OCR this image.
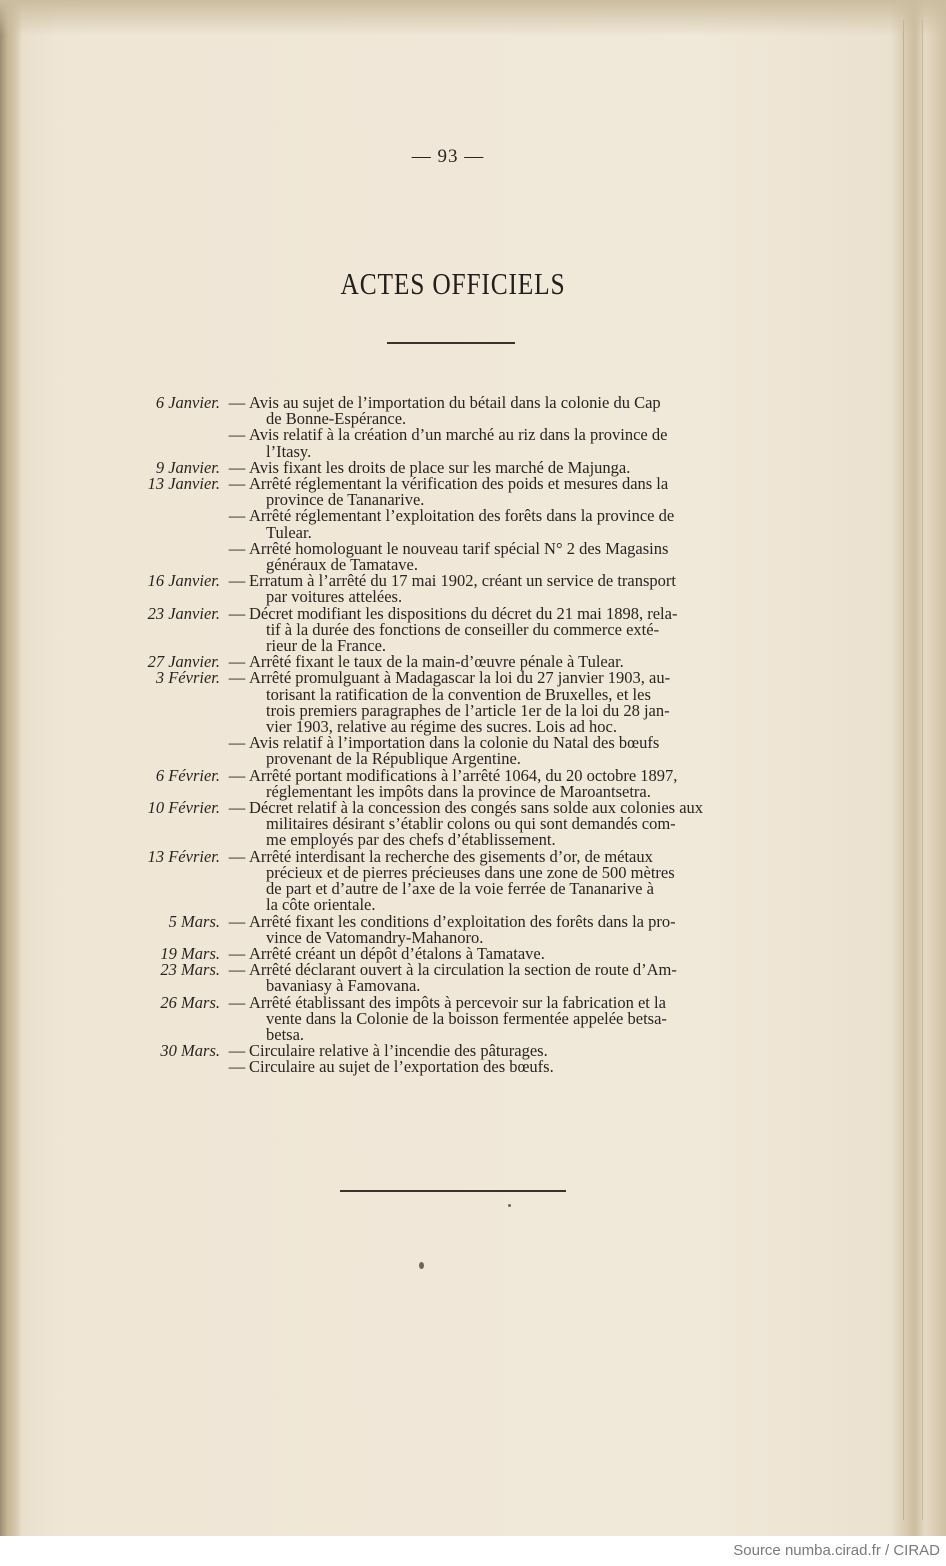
— 93 —
ACTES OFFICIELS
6 Janvier. — Avis au sujet de l’importation du bétail dans la colonie du Cap
de Bonne-Espérance.
— Avis relatif à la création d’un marché au riz dans la province de
l’Itasy.
9 Janvier. — Avis fixant les droits de place sur les marché de Majunga.
13 Janvier. — Arrêté réglementant la vérification des poids et mesures dans la
province de Tananarive.
— Arrêté réglementant l’exploitation des forêts dans la province de
Tulear.
— Arrêté homologuant le nouveau tarif spécial N° 2 des Magasins
généraux de Tamatave.
16 Janvier. — Erratum à l’arrêté du 17 mai 1902, créant un service de transport
par voitures attelées.
23 Janvier. — Décret modifiant les dispositions du décret du 21 mai 1898, rela-
tif à la durée des fonctions de conseiller du commerce exté-
rieur de la France.
27 Janvier. — Arrêté fixant le taux de la main-d’œuvre pénale à Tulear.
3 Février. — Arrêté promulguant à Madagascar la loi du 27 janvier 1903, au-
torisant la ratification de la convention de Bruxelles, et les
trois premiers paragraphes de l’article 1er de la loi du 28 jan-
vier 1903, relative au régime des sucres. Lois ad hoc.
— Avis relatif à l’importation dans la colonie du Natal des bœufs
provenant de la République Argentine.
6 Février. — Arrêté portant modifications à l’arrêté 1064, du 20 octobre 1897,
réglementant les impôts dans la province de Maroantsetra.
10 Février. — Décret relatif à la concession des congés sans solde aux colonies aux
militaires désirant s’établir colons ou qui sont demandés com-
me employés par des chefs d’établissement.
13 Février. — Arrêté interdisant la recherche des gisements d’or, de métaux
précieux et de pierres précieuses dans une zone de 500 mètres
de part et d’autre de l’axe de la voie ferrée de Tananarive à
la côte orientale.
5 Mars. — Arrêté fixant les conditions d’exploitation des forêts dans la pro-
vince de Vatomandry-Mahanoro.
19 Mars. — Arrêté créant un dépôt d’étalons à Tamatave.
23 Mars. — Arrêté déclarant ouvert à la circulation la section de route d’Am-
bavaniasy à Famovana.
26 Mars. — Arrêté établissant des impôts à percevoir sur la fabrication et la
vente dans la Colonie de la boisson fermentée appelée betsa-
betsa.
30 Mars. — Circulaire relative à l’incendie des pâturages.
— Circulaire au sujet de l’exportation des bœufs.
Source numba.cirad.fr / CIRAD
